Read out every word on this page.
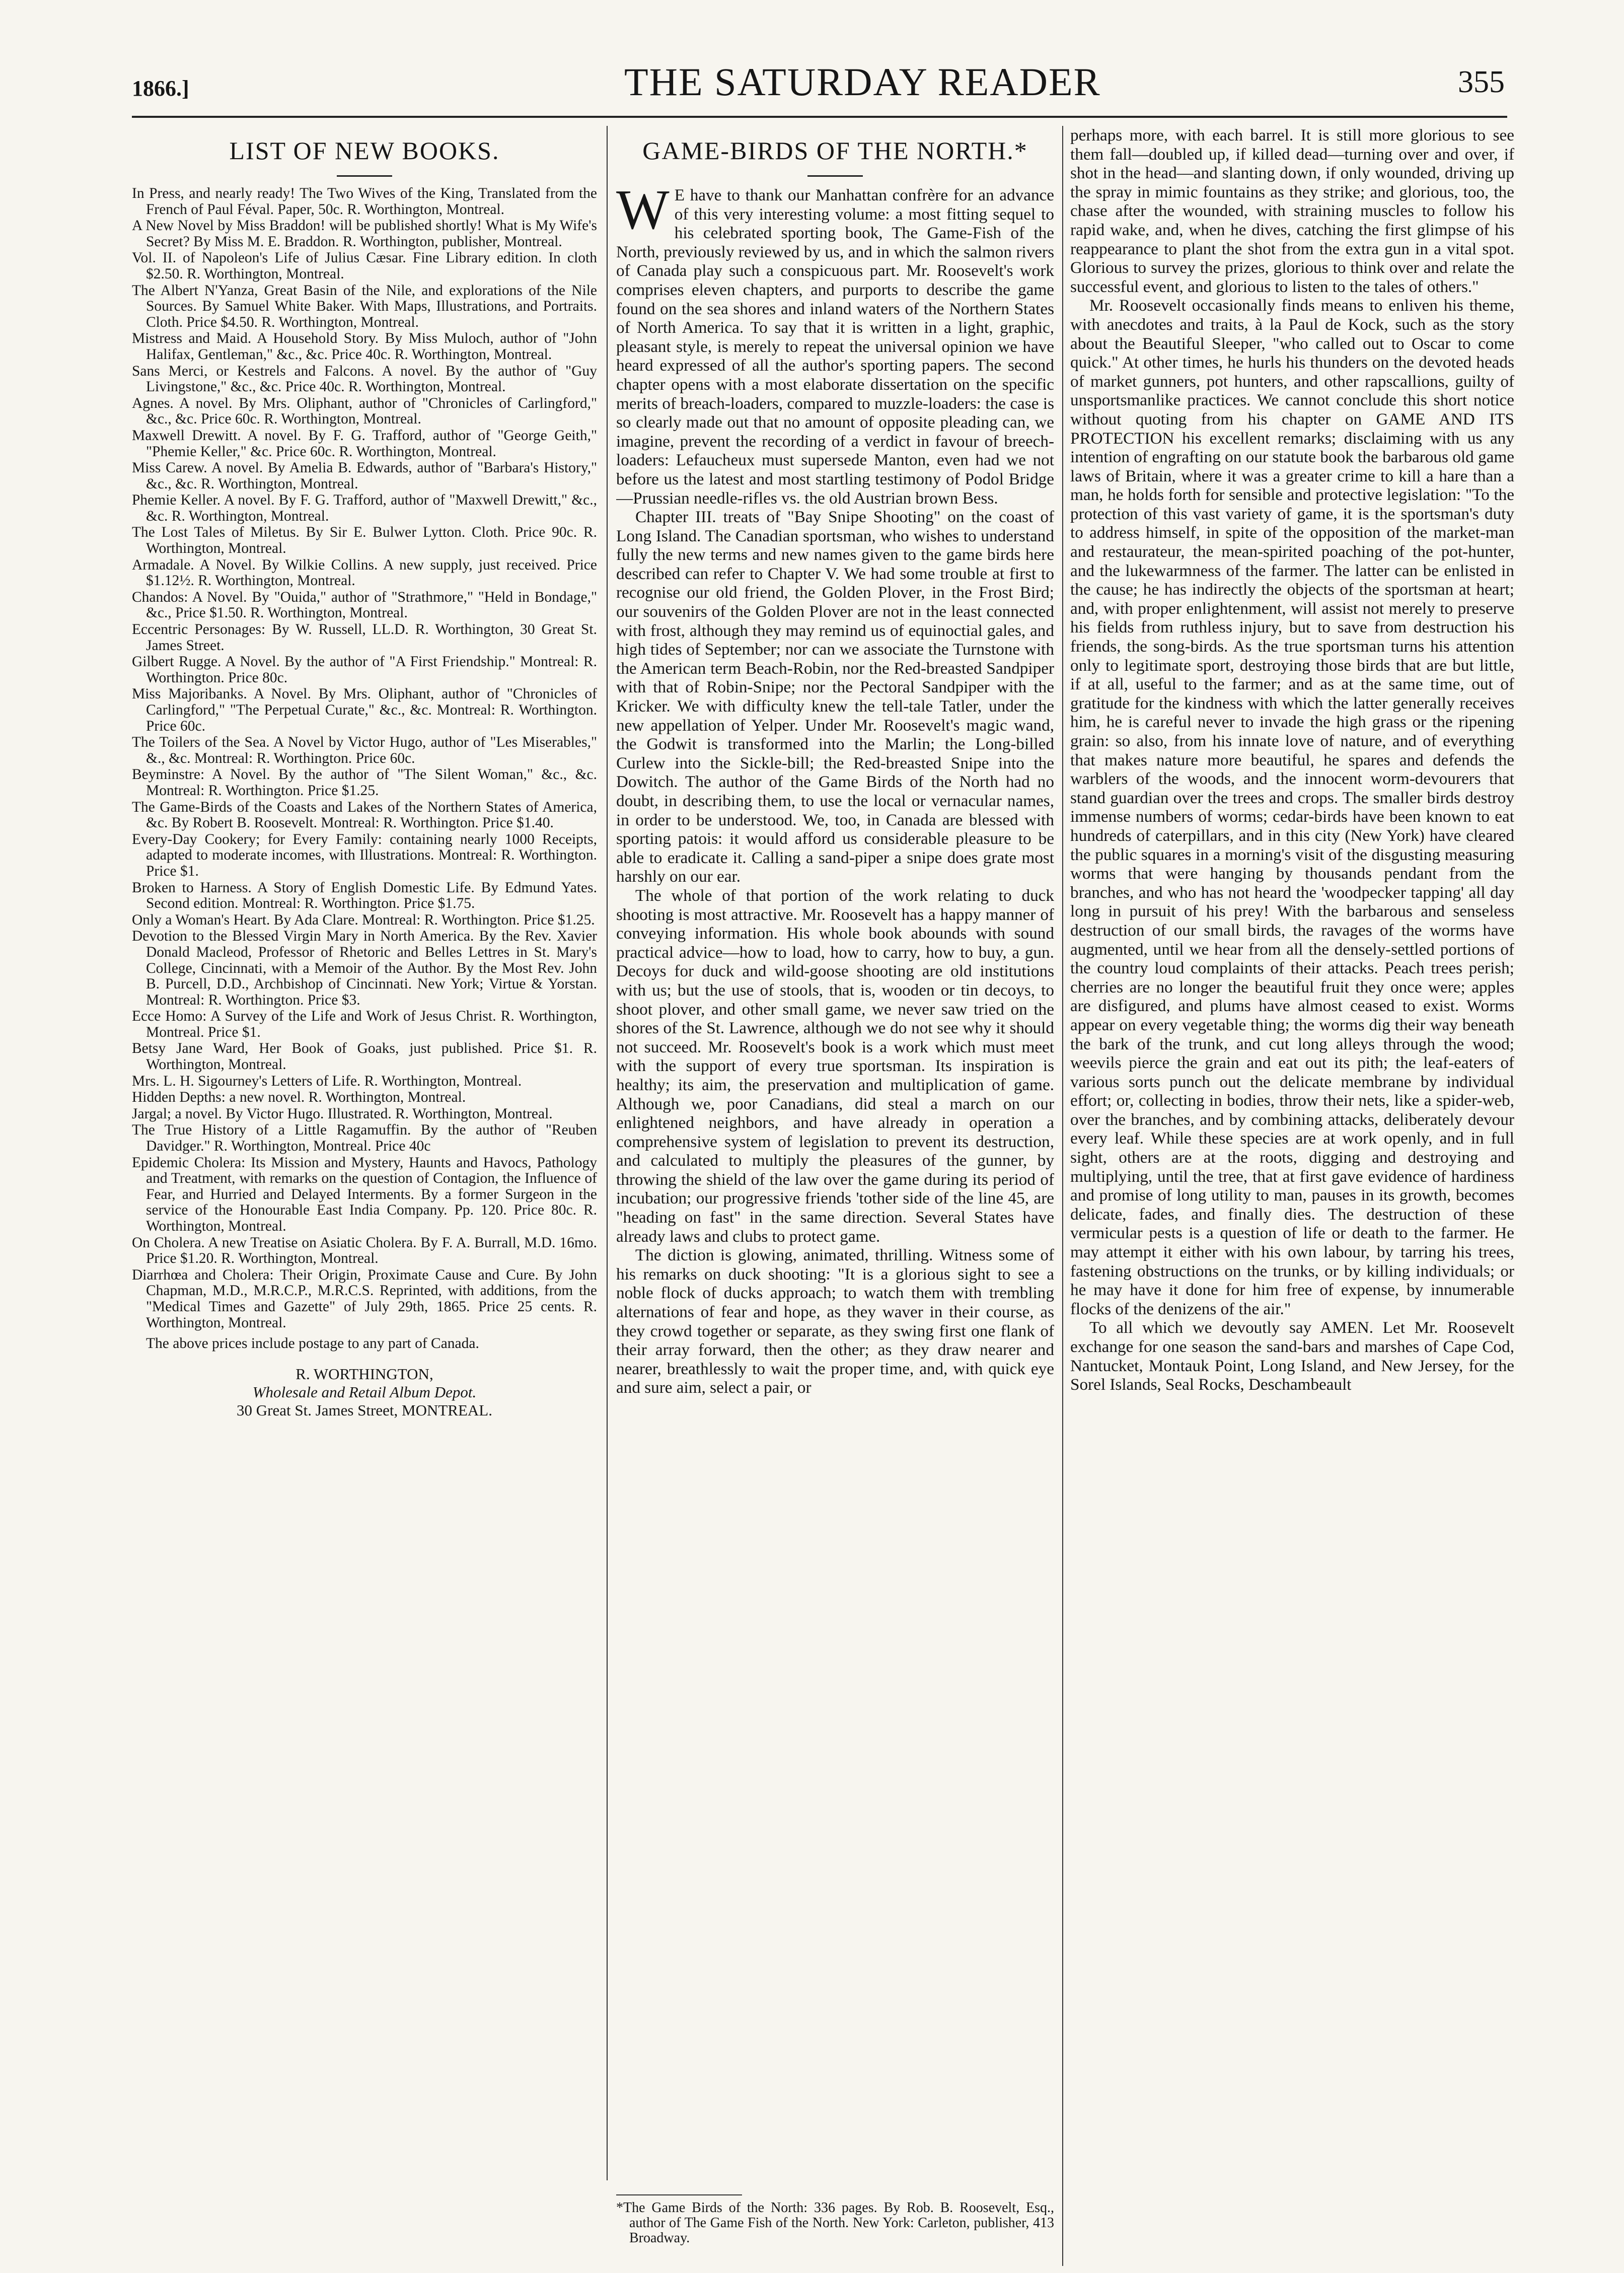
1866.]	THE SATURDAY READER	355
LIST OF NEW BOOKS.

In Press, and nearly ready! The Two Wives of the King, Translated from the French of Paul Féval. Paper, 50c. R. Worthington, Montreal.

A New Novel by Miss Braddon! will be published shortly! What is My Wife's Secret? By Miss M. E. Braddon. R. Worthington, publisher, Montreal.

Vol. II. of Napoleon's Life of Julius Cæsar. Fine Library edition. In cloth $2.50. R. Worthington, Montreal.

The Albert N'Yanza, Great Basin of the Nile, and explorations of the Nile Sources. By Samuel White Baker. With Maps, Illustrations, and Portraits. Cloth. Price $4.50. R. Worthington, Montreal.

Mistress and Maid. A Household Story. By Miss Muloch, author of "John Halifax, Gentleman," &c., &c. Price 40c. R. Worthington, Montreal.

Sans Merci, or Kestrels and Falcons. A novel. By the author of "Guy Livingstone," &c., &c. Price 40c. R. Worthington, Montreal.

Agnes. A novel. By Mrs. Oliphant, author of "Chronicles of Carlingford," &c., &c. Price 60c. R. Worthington, Montreal.

Maxwell Drewitt. A novel. By F. G. Trafford, author of "George Geith," "Phemie Keller," &c. Price 60c. R. Worthington, Montreal.

Miss Carew. A novel. By Amelia B. Edwards, author of "Barbara's History," &c., &c. R. Worthington, Montreal.

Phemie Keller. A novel. By F. G. Trafford, author of "Maxwell Drewitt," &c., &c. R. Worthington, Montreal.

The Lost Tales of Miletus. By Sir E. Bulwer Lytton. Cloth. Price 90c. R. Worthington, Montreal.

Armadale. A Novel. By Wilkie Collins. A new supply, just received. Price $1.12½. R. Worthington, Montreal.

Chandos: A Novel. By "Ouida," author of "Strathmore," "Held in Bondage," &c., Price $1.50. R. Worthington, Montreal.

Eccentric Personages: By W. Russell, LL.D. R. Worthington, 30 Great St. James Street.

Gilbert Rugge. A Novel. By the author of "A First Friendship." Montreal: R. Worthington. Price 80c.

Miss Majoribanks. A Novel. By Mrs. Oliphant, author of "Chronicles of Carlingford," "The Perpetual Curate," &c., &c. Montreal: R. Worthington. Price 60c.

The Toilers of the Sea. A Novel by Victor Hugo, author of "Les Miserables," &., &c. Montreal: R. Worthington. Price 60c.

Beyminstre: A Novel. By the author of "The Silent Woman," &c., &c. Montreal: R. Worthington. Price $1.25.

The Game-Birds of the Coasts and Lakes of the Northern States of America, &c. By Robert B. Roosevelt. Montreal: R. Worthington. Price $1.40.

Every-Day Cookery; for Every Family: containing nearly 1000 Receipts, adapted to moderate incomes, with Illustrations. Montreal: R. Worthington. Price $1.

Broken to Harness. A Story of English Domestic Life. By Edmund Yates. Second edition. Montreal: R. Worthington. Price $1.75.

Only a Woman's Heart. By Ada Clare. Montreal: R. Worthington. Price $1.25.

Devotion to the Blessed Virgin Mary in North America. By the Rev. Xavier Donald Macleod, Professor of Rhetoric and Belles Lettres in St. Mary's College, Cincinnati, with a Memoir of the Author. By the Most Rev. John B. Purcell, D.D., Archbishop of Cincinnati. New York; Virtue & Yorstan. Montreal: R. Worthington. Price $3.

Ecce Homo: A Survey of the Life and Work of Jesus Christ. R. Worthington, Montreal. Price $1.

Betsy Jane Ward, Her Book of Goaks, just published. Price $1. R. Worthington, Montreal.

Mrs. L. H. Sigourney's Letters of Life. R. Worthington, Montreal.

Hidden Depths: a new novel. R. Worthington, Montreal.

Jargal; a novel. By Victor Hugo. Illustrated. R. Worthington, Montreal.

The True History of a Little Ragamuffin. By the author of "Reuben Davidger." R. Worthington, Montreal. Price 40c

Epidemic Cholera: Its Mission and Mystery, Haunts and Havocs, Pathology and Treatment, with remarks on the question of Contagion, the Influence of Fear, and Hurried and Delayed Interments. By a former Surgeon in the service of the Honourable East India Company. Pp. 120. Price 80c. R. Worthington, Montreal.

On Cholera. A new Treatise on Asiatic Cholera. By F. A. Burrall, M.D. 16mo. Price $1.20. R. Worthington, Montreal.

Diarrhœa and Cholera: Their Origin, Proximate Cause and Cure. By John Chapman, M.D., M.R.C.P., M.R.C.S. Reprinted, with additions, from the "Medical Times and Gazette" of July 29th, 1865. Price 25 cents. R. Worthington, Montreal.

The above prices include postage to any part of Canada.

R. WORTHINGTON,
Wholesale and Retail Album Depot.
30 Great St. James Street, MONTREAL.
GAME-BIRDS OF THE NORTH.*

W E have to thank our Manhattan confrère for an advance of this very interesting volume: a most fitting sequel to his celebrated sporting book, The Game-Fish of the North, previously reviewed by us, and in which the salmon rivers of Canada play such a conspicuous part. Mr. Roosevelt's work comprises eleven chapters, and purports to describe the game found on the sea shores and inland waters of the Northern States of North America. To say that it is written in a light, graphic, pleasant style, is merely to repeat the universal opinion we have heard expressed of all the author's sporting papers. The second chapter opens with a most elaborate dissertation on the specific merits of breach-loaders, compared to muzzle-loaders: the case is so clearly made out that no amount of opposite pleading can, we imagine, prevent the recording of a verdict in favour of breech-loaders: Lefaucheux must supersede Manton, even had we not before us the latest and most startling testimony of Podol Bridge—Prussian needle-rifles vs. the old Austrian brown Bess.

Chapter III. treats of "Bay Snipe Shooting" on the coast of Long Island. The Canadian sportsman, who wishes to understand fully the new terms and new names given to the game birds here described can refer to Chapter V. We had some trouble at first to recognise our old friend, the Golden Plover, in the Frost Bird; our souvenirs of the Golden Plover are not in the least connected with frost, although they may remind us of equinoctial gales, and high tides of September; nor can we associate the Turnstone with the American term Beach-Robin, nor the Red-breasted Sandpiper with that of Robin-Snipe; nor the Pectoral Sandpiper with the Kricker. We with difficulty knew the tell-tale Tatler, under the new appellation of Yelper. Under Mr. Roosevelt's magic wand, the Godwit is transformed into the Marlin; the Long-billed Curlew into the Sickle-bill; the Red-breasted Snipe into the Dowitch. The author of the Game Birds of the North had no doubt, in describing them, to use the local or vernacular names, in order to be understood. We, too, in Canada are blessed with sporting patois: it would afford us considerable pleasure to be able to eradicate it. Calling a sand-piper a snipe does grate most harshly on our ear.

The whole of that portion of the work relating to duck shooting is most attractive. Mr. Roosevelt has a happy manner of conveying information. His whole book abounds with sound practical advice—how to load, how to carry, how to buy, a gun. Decoys for duck and wild-goose shooting are old institutions with us; but the use of stools, that is, wooden or tin decoys, to shoot plover, and other small game, we never saw tried on the shores of the St. Lawrence, although we do not see why it should not succeed. Mr. Roosevelt's book is a work which must meet with the support of every true sportsman. Its inspiration is healthy; its aim, the preservation and multiplication of game. Although we, poor Canadians, did steal a march on our enlightened neighbors, and have already in operation a comprehensive system of legislation to prevent its destruction, and calculated to multiply the pleasures of the gunner, by throwing the shield of the law over the game during its period of incubation; our progressive friends 'tother side of the line 45, are "heading on fast" in the same direction. Several States have already laws and clubs to protect game.

The diction is glowing, animated, thrilling. Witness some of his remarks on duck shooting: "It is a glorious sight to see a noble flock of ducks approach; to watch them with trembling alternations of fear and hope, as they waver in their course, as they crowd together or separate, as they swing first one flank of their array forward, then the other; as they draw nearer and nearer, breathlessly to wait the proper time, and, with quick eye and sure aim, select a pair, or

*The Game Birds of the North: 336 pages. By Rob. B. Roosevelt, Esq., author of The Game Fish of the North. New York: Carleton, publisher, 413 Broadway.

perhaps more, with each barrel. It is still more glorious to see them fall—doubled up, if killed dead—turning over and over, if shot in the head—and slanting down, if only wounded, driving up the spray in mimic fountains as they strike; and glorious, too, the chase after the wounded, with straining muscles to follow his rapid wake, and, when he dives, catching the first glimpse of his reappearance to plant the shot from the extra gun in a vital spot. Glorious to survey the prizes, glorious to think over and relate the successful event, and glorious to listen to the tales of others."

Mr. Roosevelt occasionally finds means to enliven his theme, with anecdotes and traits, à la Paul de Kock, such as the story about the Beautiful Sleeper, "who called out to Oscar to come quick." At other times, he hurls his thunders on the devoted heads of market gunners, pot hunters, and other rapscallions, guilty of unsportsmanlike practices. We cannot conclude this short notice without quoting from his chapter on GAME AND ITS PROTECTION his excellent remarks; disclaiming with us any intention of engrafting on our statute book the barbarous old game laws of Britain, where it was a greater crime to kill a hare than a man, he holds forth for sensible and protective legislation: "To the protection of this vast variety of game, it is the sportsman's duty to address himself, in spite of the opposition of the market-man and restaurateur, the mean-spirited poaching of the pot-hunter, and the lukewarmness of the farmer. The latter can be enlisted in the cause; he has indirectly the objects of the sportsman at heart; and, with proper enlightenment, will assist not merely to preserve his fields from ruthless injury, but to save from destruction his friends, the song-birds. As the true sportsman turns his attention only to legitimate sport, destroying those birds that are but little, if at all, useful to the farmer; and as at the same time, out of gratitude for the kindness with which the latter generally receives him, he is careful never to invade the high grass or the ripening grain: so also, from his innate love of nature, and of everything that makes nature more beautiful, he spares and defends the warblers of the woods, and the innocent worm-devourers that stand guardian over the trees and crops. The smaller birds destroy immense numbers of worms; cedar-birds have been known to eat hundreds of caterpillars, and in this city (New York) have cleared the public squares in a morning's visit of the disgusting measuring worms that were hanging by thousands pendant from the branches, and who has not heard the 'woodpecker tapping' all day long in pursuit of his prey! With the barbarous and senseless destruction of our small birds, the ravages of the worms have augmented, until we hear from all the densely-settled portions of the country loud complaints of their attacks. Peach trees perish; cherries are no longer the beautiful fruit they once were; apples are disfigured, and plums have almost ceased to exist. Worms appear on every vegetable thing; the worms dig their way beneath the bark of the trunk, and cut long alleys through the wood; weevils pierce the grain and eat out its pith; the leaf-eaters of various sorts punch out the delicate membrane by individual effort; or, collecting in bodies, throw their nets, like a spider-web, over the branches, and by combining attacks, deliberately devour every leaf. While these species are at work openly, and in full sight, others are at the roots, digging and destroying and multiplying, until the tree, that at first gave evidence of hardiness and promise of long utility to man, pauses in its growth, becomes delicate, fades, and finally dies. The destruction of these vermicular pests is a question of life or death to the farmer. He may attempt it either with his own labour, by tarring his trees, fastening obstructions on the trunks, or by killing individuals; or he may have it done for him free of expense, by innumerable flocks of the denizens of the air."

To all which we devoutly say AMEN. Let Mr. Roosevelt exchange for one season the sand-bars and marshes of Cape Cod, Nantucket, Montauk Point, Long Island, and New Jersey, for the Sorel Islands, Seal Rocks, Deschambeault
